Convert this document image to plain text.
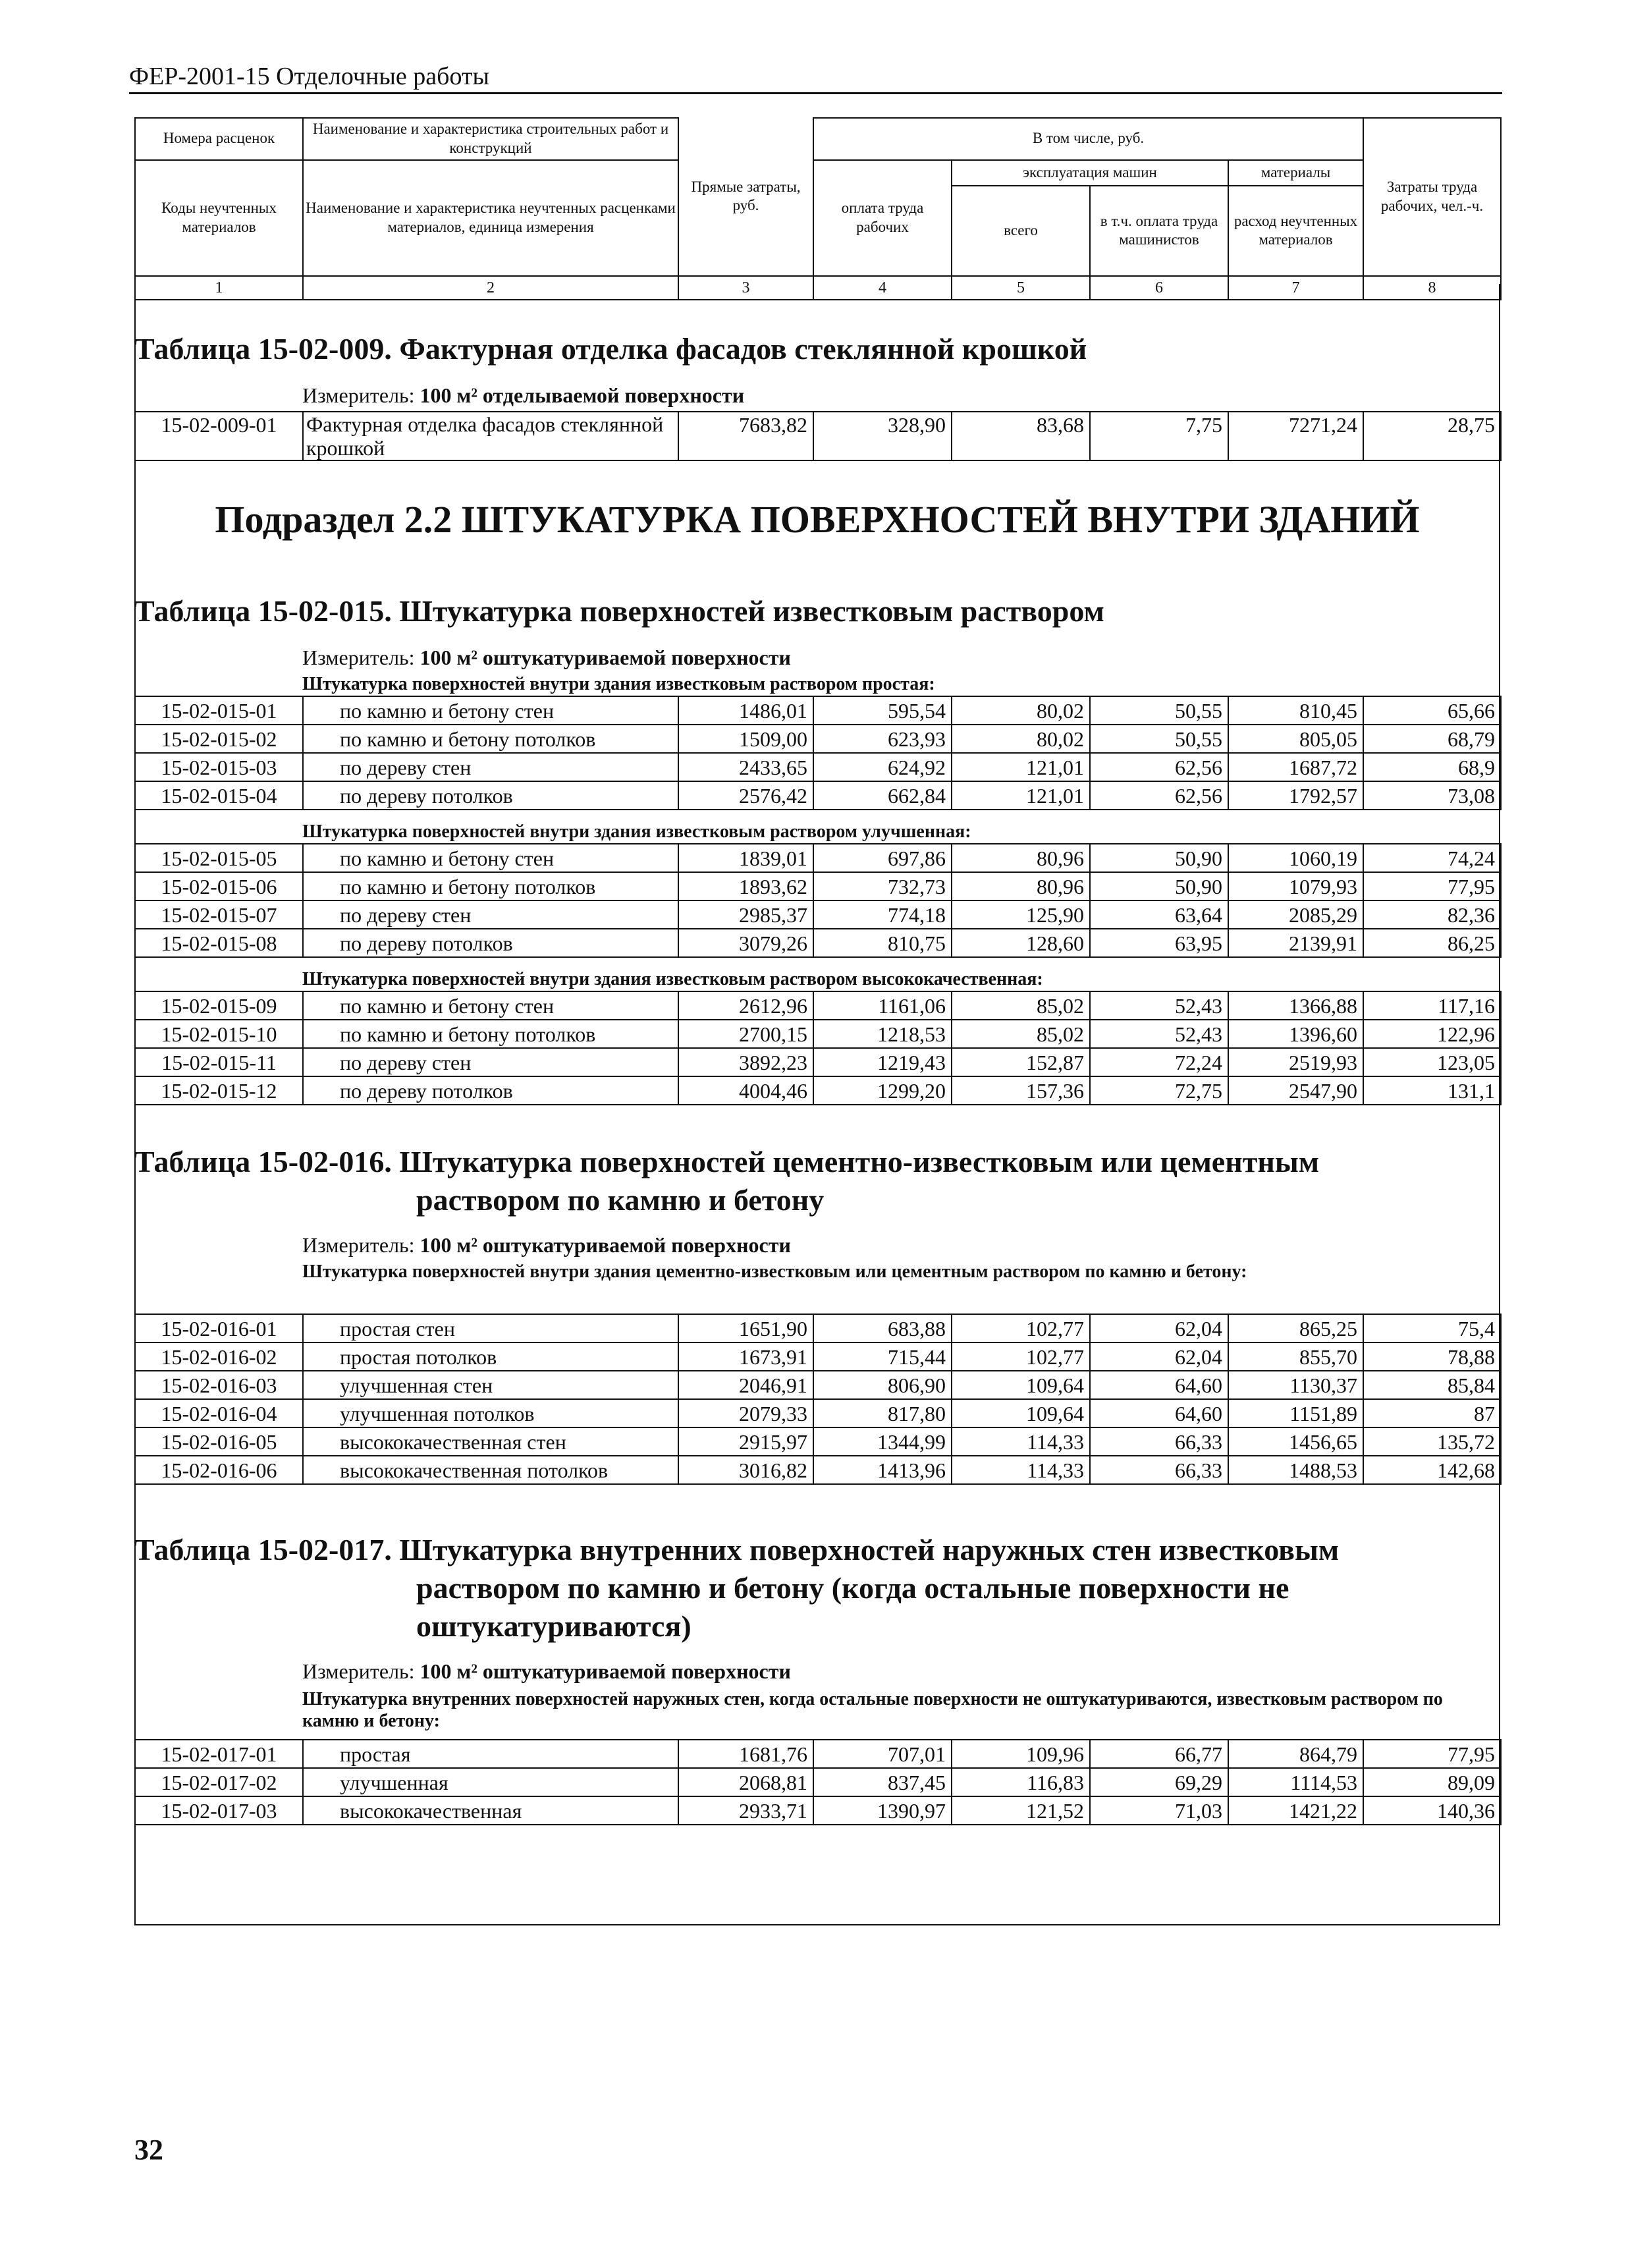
ФЕР-2001-15 Отделочные работы
Номера расценок	Наименование и характеристика строительных работ и конструкций	Прямые затраты, руб.	В том числе, руб.				Затраты труда рабочих, чел.-ч.
Коды неучтенных материалов	Наименование и характеристика неучтенных расценками материалов, единица измерения		оплата труда рабочих	эксплуатация машин		материалы	
				всего	в т.ч. оплата труда машинистов	расход неучтенных материалов	
1	2	3	4	5	6	7	8
Таблица 15-02-009. Фактурная отделка фасадов стеклянной крошкой
Измеритель: 100 м² отделываемой поверхности
15-02-009-01	Фактурная отделка фасадов стеклянной крошкой	7683,82	328,90	83,68	7,75	7271,24	28,75
Подраздел 2.2 ШТУКАТУРКА ПОВЕРХНОСТЕЙ ВНУТРИ ЗДАНИЙ
Таблица 15-02-015. Штукатурка поверхностей известковым раствором
Измеритель: 100 м² оштукатуриваемой поверхности
Штукатурка поверхностей внутри здания известковым раствором простая:
15-02-015-01	по камню и бетону стен	1486,01	595,54	80,02	50,55	810,45	65,66
15-02-015-02	по камню и бетону потолков	1509,00	623,93	80,02	50,55	805,05	68,79
15-02-015-03	по дереву стен	2433,65	624,92	121,01	62,56	1687,72	68,9
15-02-015-04	по дереву потолков	2576,42	662,84	121,01	62,56	1792,57	73,08
Штукатурка поверхностей внутри здания известковым раствором улучшенная:
15-02-015-05	по камню и бетону стен	1839,01	697,86	80,96	50,90	1060,19	74,24
15-02-015-06	по камню и бетону потолков	1893,62	732,73	80,96	50,90	1079,93	77,95
15-02-015-07	по дереву стен	2985,37	774,18	125,90	63,64	2085,29	82,36
15-02-015-08	по дереву потолков	3079,26	810,75	128,60	63,95	2139,91	86,25
Штукатурка поверхностей внутри здания известковым раствором высококачественная:
15-02-015-09	по камню и бетону стен	2612,96	1161,06	85,02	52,43	1366,88	117,16
15-02-015-10	по камню и бетону потолков	2700,15	1218,53	85,02	52,43	1396,60	122,96
15-02-015-11	по дереву стен	3892,23	1219,43	152,87	72,24	2519,93	123,05
15-02-015-12	по дереву потолков	4004,46	1299,20	157,36	72,75	2547,90	131,1
Таблица 15-02-016. Штукатурка поверхностей цементно-известковым или цементным
раствором по камню и бетону
Измеритель: 100 м² оштукатуриваемой поверхности
Штукатурка поверхностей внутри здания цементно-известковым или цементным раствором по камню и бетону:
15-02-016-01	простая стен	1651,90	683,88	102,77	62,04	865,25	75,4
15-02-016-02	простая потолков	1673,91	715,44	102,77	62,04	855,70	78,88
15-02-016-03	улучшенная стен	2046,91	806,90	109,64	64,60	1130,37	85,84
15-02-016-04	улучшенная потолков	2079,33	817,80	109,64	64,60	1151,89	87
15-02-016-05	высококачественная стен	2915,97	1344,99	114,33	66,33	1456,65	135,72
15-02-016-06	высококачественная потолков	3016,82	1413,96	114,33	66,33	1488,53	142,68
Таблица 15-02-017. Штукатурка внутренних поверхностей наружных стен известковым
раствором по камню и бетону (когда остальные поверхности не
оштукатуриваются)
Измеритель: 100 м² оштукатуриваемой поверхности
Штукатурка внутренних поверхностей наружных стен, когда остальные поверхности не оштукатуриваются, известковым раствором по камню и бетону:
15-02-017-01	простая	1681,76	707,01	109,96	66,77	864,79	77,95
15-02-017-02	улучшенная	2068,81	837,45	116,83	69,29	1114,53	89,09
15-02-017-03	высококачественная	2933,71	1390,97	121,52	71,03	1421,22	140,36
32
